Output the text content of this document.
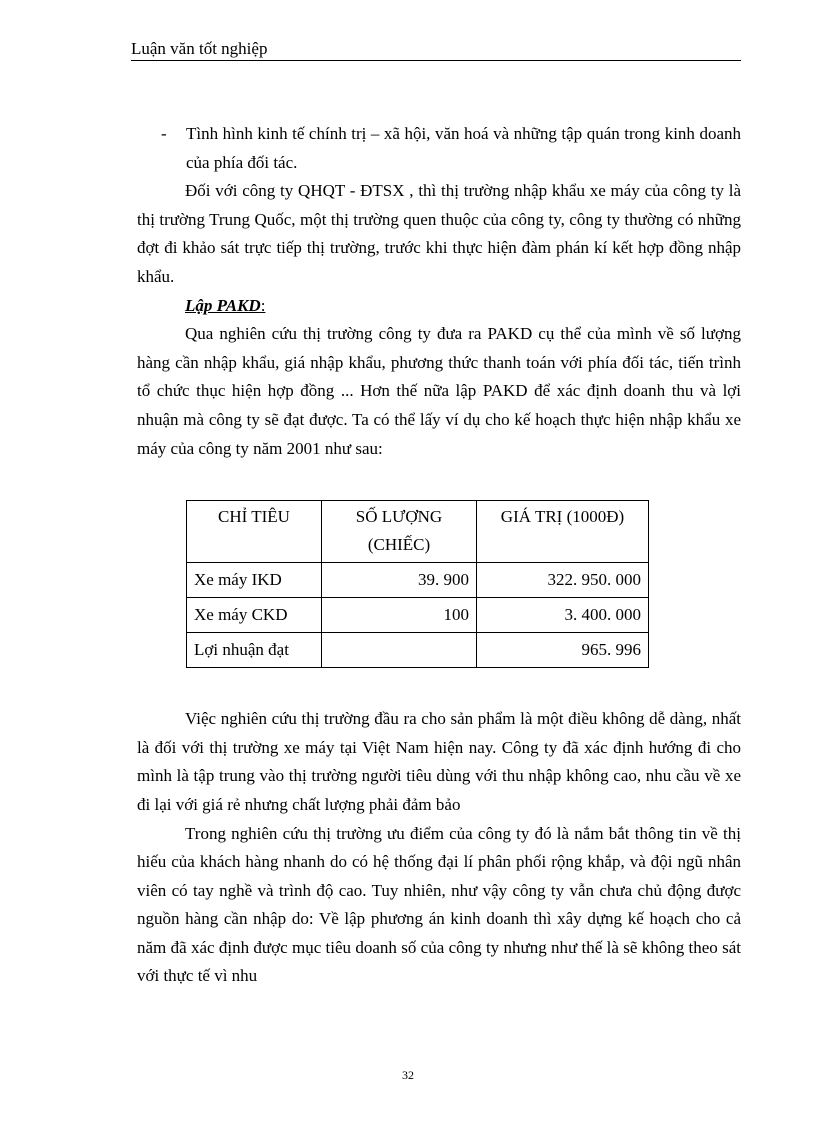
Luận văn tốt nghiệp
-	Tình hình kinh tế chính trị – xã hội, văn hoá và những tập quán trong kinh doanh của phía đối tác.

Đối với công ty QHQT - ĐTSX , thì thị trường nhập khẩu xe máy của công ty là thị trường Trung Quốc, một thị trường quen thuộc của công ty, công ty thường có những đợt đi khảo sát trực tiếp thị trường, trước khi thực hiện đàm phán kí kết hợp đồng nhập khẩu.

Lập PAKD:

Qua nghiên cứu thị trường công ty đưa ra PAKD cụ thể của mình về số lượng hàng cần nhập khẩu, giá nhập khẩu, phương thức thanh toán với phía đối tác, tiến trình tổ chức thục hiện hợp đồng ... Hơn thế nữa lập PAKD để xác định doanh thu và lợi nhuận mà công ty sẽ đạt được. Ta có thể lấy ví dụ cho kế hoạch thực hiện nhập khẩu xe máy của công ty năm 2001 như sau:

CHỈ TIÊU	SỐ LƯỢNG (CHIẾC)	GIÁ TRỊ (1000Đ)
Xe máy IKD	39. 900	322. 950. 000
Xe máy CKD	100	3. 400. 000
Lợi nhuận đạt		965. 996

Việc nghiên cứu thị trường đầu ra cho sản phẩm là một điều không dễ dàng, nhất là đối với thị trường xe máy tại Việt Nam hiện nay. Công ty đã xác định hướng đi cho mình là tập trung vào thị trường người tiêu dùng với thu nhập không cao, nhu cầu về xe đi lại với giá rẻ nhưng chất lượng phải đảm bảo

Trong nghiên cứu thị trường ưu điểm của công ty đó là nắm bắt thông tin về thị hiếu của khách hàng nhanh do có hệ thống đại lí phân phối rộng khắp, và đội ngũ nhân viên có tay nghề và trình độ cao. Tuy nhiên, như vậy công ty vẫn chưa chủ động được nguồn hàng cần nhập do: Về lập phương án kinh doanh thì xây dựng kế hoạch cho cả năm đã xác định được mục tiêu doanh số của công ty nhưng như thế là sẽ không theo sát với thực tế vì nhu

32
